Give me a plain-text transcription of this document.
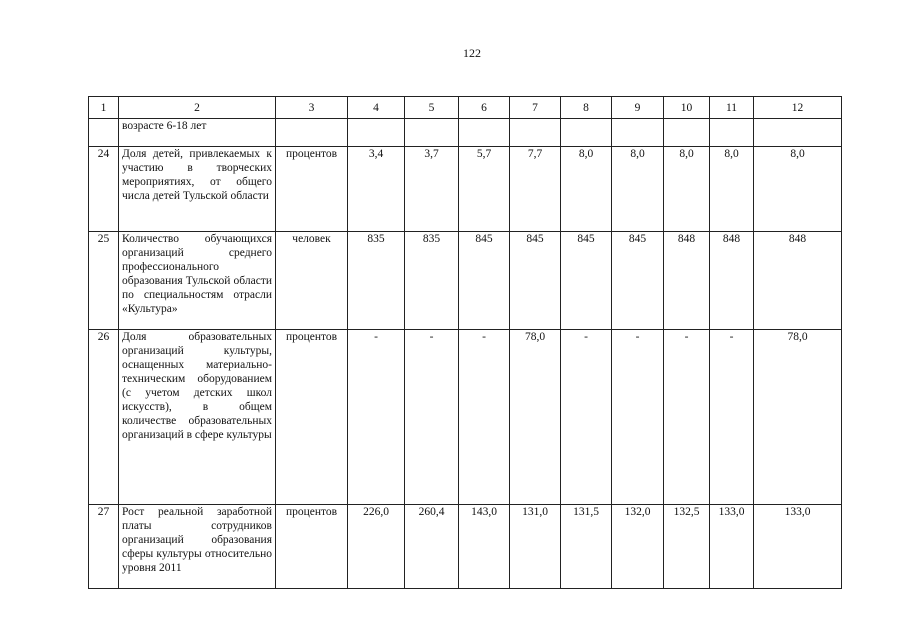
122
1	2	3	4	5	6	7	8	9	10	11	12
	возрасте 6-18 лет										
24	Доля детей, привлекаемых к участию в творческих мероприятиях, от общего числа детей Тульской области	процентов	3,4	3,7	5,7	7,7	8,0	8,0	8,0	8,0	8,0
25	Количество обучающихся организаций среднего профессионального образования Тульской области по специальностям отрасли «Культура»	человек	835	835	845	845	845	845	848	848	848
26	Доля образовательных организаций культуры, оснащенных материально-техническим оборудованием (с учетом детских школ искусств), в общем количестве образовательных организаций в сфере культуры	процентов	-	-	-	78,0	-	-	-	-	78,0
27	Рост реальной заработной платы сотрудников организаций образования сферы культуры относительно уровня 2011	процентов	226,0	260,4	143,0	131,0	131,5	132,0	132,5	133,0	133,0
